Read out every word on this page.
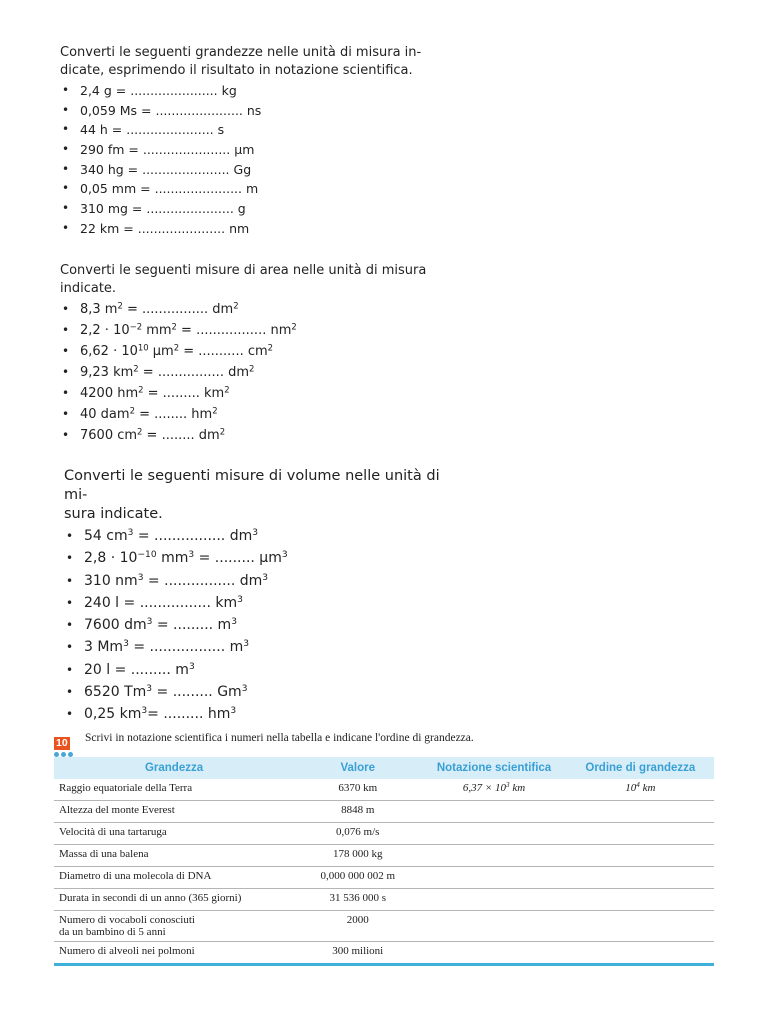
Converti le seguenti grandezze nelle unità di misura in-
dicate, esprimendo il risultato in notazione scientifica.

• 2,4 g = ...................... kg
• 0,059 Ms = ...................... ns
• 44 h = ...................... s
• 290 fm = ...................... µm
• 340 hg = ...................... Gg
• 0,05 mm = ...................... m
• 310 mg = ...................... g
• 22 km = ...................... nm

Converti le seguenti misure di area nelle unità di misura
indicate.

• 8,3 $m^2$ = ................ $dm^2$
• $2,2 \cdot 10^{-2}$ $mm^2$ = ................. $nm^2$
• $6,62 \cdot 10^{10}$ µm$^2$ = ........... $cm^2$
• 9,23 $km^2$ = ................ $dm^2$
• 4200 $hm^2$ = ......... $km^2$
• 40 dam$^2$ = ........ $hm^2$
• 7600 $cm^2$ = ........ $dm^2$

Converti le seguenti misure di volume nelle unità di mi-
sura indicate.

• 54 $cm^3$ = ................ $dm^3$
• $2,8 \cdot 10^{-10}$ $mm^3$ = ......... µm$^3$
• 310 $nm^3$ = ................ $dm^3$
• 240 l = ................ $km^3$
• 7600 $dm^3$ = ......... $m^3$
• 3 $Mm^3$ = ................. $m^3$
• 20 l = ......... $m^3$
• 6520 $Tm^3$ = ......... Gm$^3$
• 0,25 $km^3=$ ......... $hm^3$
10	Scrivi in notazione scientifica i numeri nella tabella e indicane l'ordine di grandezza.
Grandezza	Valore	Notazione scientifica	Ordine di grandezza
Raggio equatoriale della Terra	6370 km	$6,37 \times 10^3$ km	$10^4$ km
Altezza del monte Everest	8848 m		
Velocità di una tartaruga	0,076 m/s		
Massa di una balena	178 000 kg		
Diametro di una molecola di DNA	0,000 000 002 m		
Durata in secondi di un anno (365 giorni)	31 536 000 s		
Numero di vocaboli conosciuti
da un bambino di 5 anni	2000		
Numero di alveoli nei polmoni	300 milioni		
